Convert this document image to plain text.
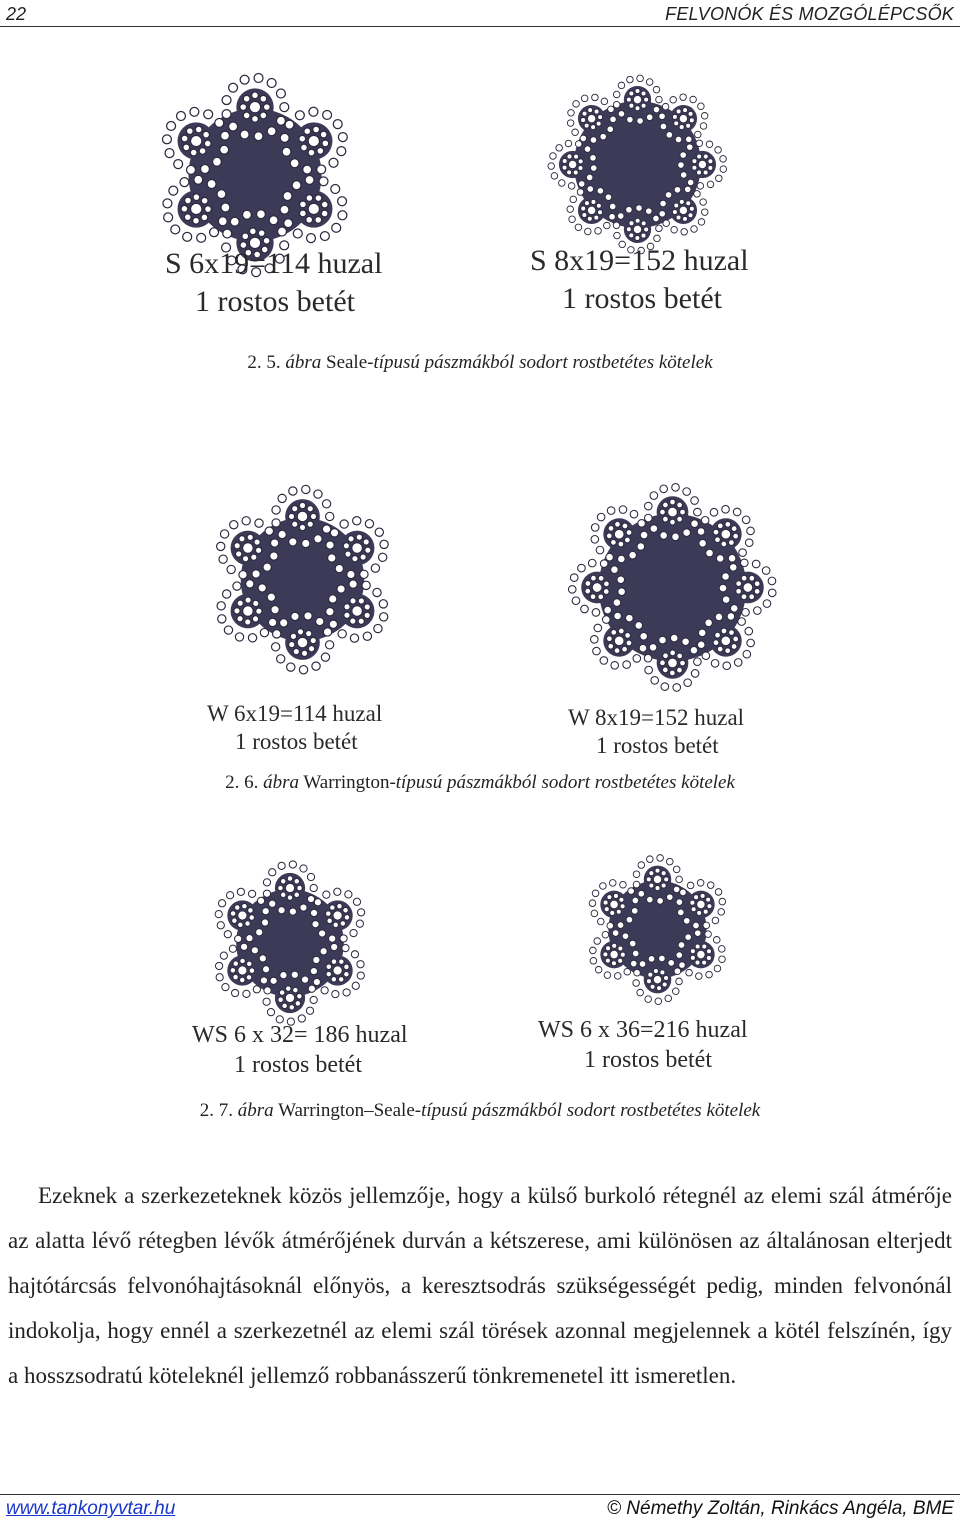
22	FELVONÓK ÉS MOZGÓLÉPCSŐK
S 6x19=114 huzal
1 rostos betét
S 8x19=152 huzal
1 rostos betét
2. 5. ábra Seale-típusú pászmákból sodort rostbetétes kötelek
W 6x19=114 huzal
1 rostos betét
W 8x19=152 huzal
1 rostos betét
2. 6. ábra Warrington-típusú pászmákból sodort rostbetétes kötelek
WS 6 x 32= 186 huzal
1 rostos betét
WS 6 x 36=216 huzal
1 rostos betét
2. 7. ábra Warrington–Seale-típusú pászmákból sodort rostbetétes kötelek

Ezeknek a szerkezeteknek közös jellemzője, hogy a külső burkoló rétegnél az elemi szál átmérője az alatta lévő rétegben lévők átmérőjének durván a kétszerese, ami különösen az általánosan elterjedt hajtótárcsás felvonóhajtásoknál előnyös, a keresztsodrás szükségességét pedig, minden felvonónál indokolja, hogy ennél a szerkezetnél az elemi szál törések azonnal megjelennek a kötél felszínén, így a hosszsodratú köteleknél jellemző robbanásszerű tönkremenetel itt ismeretlen.

www.tankonyvtar.hu	© Némethy Zoltán, Rinkács Angéla, BME
